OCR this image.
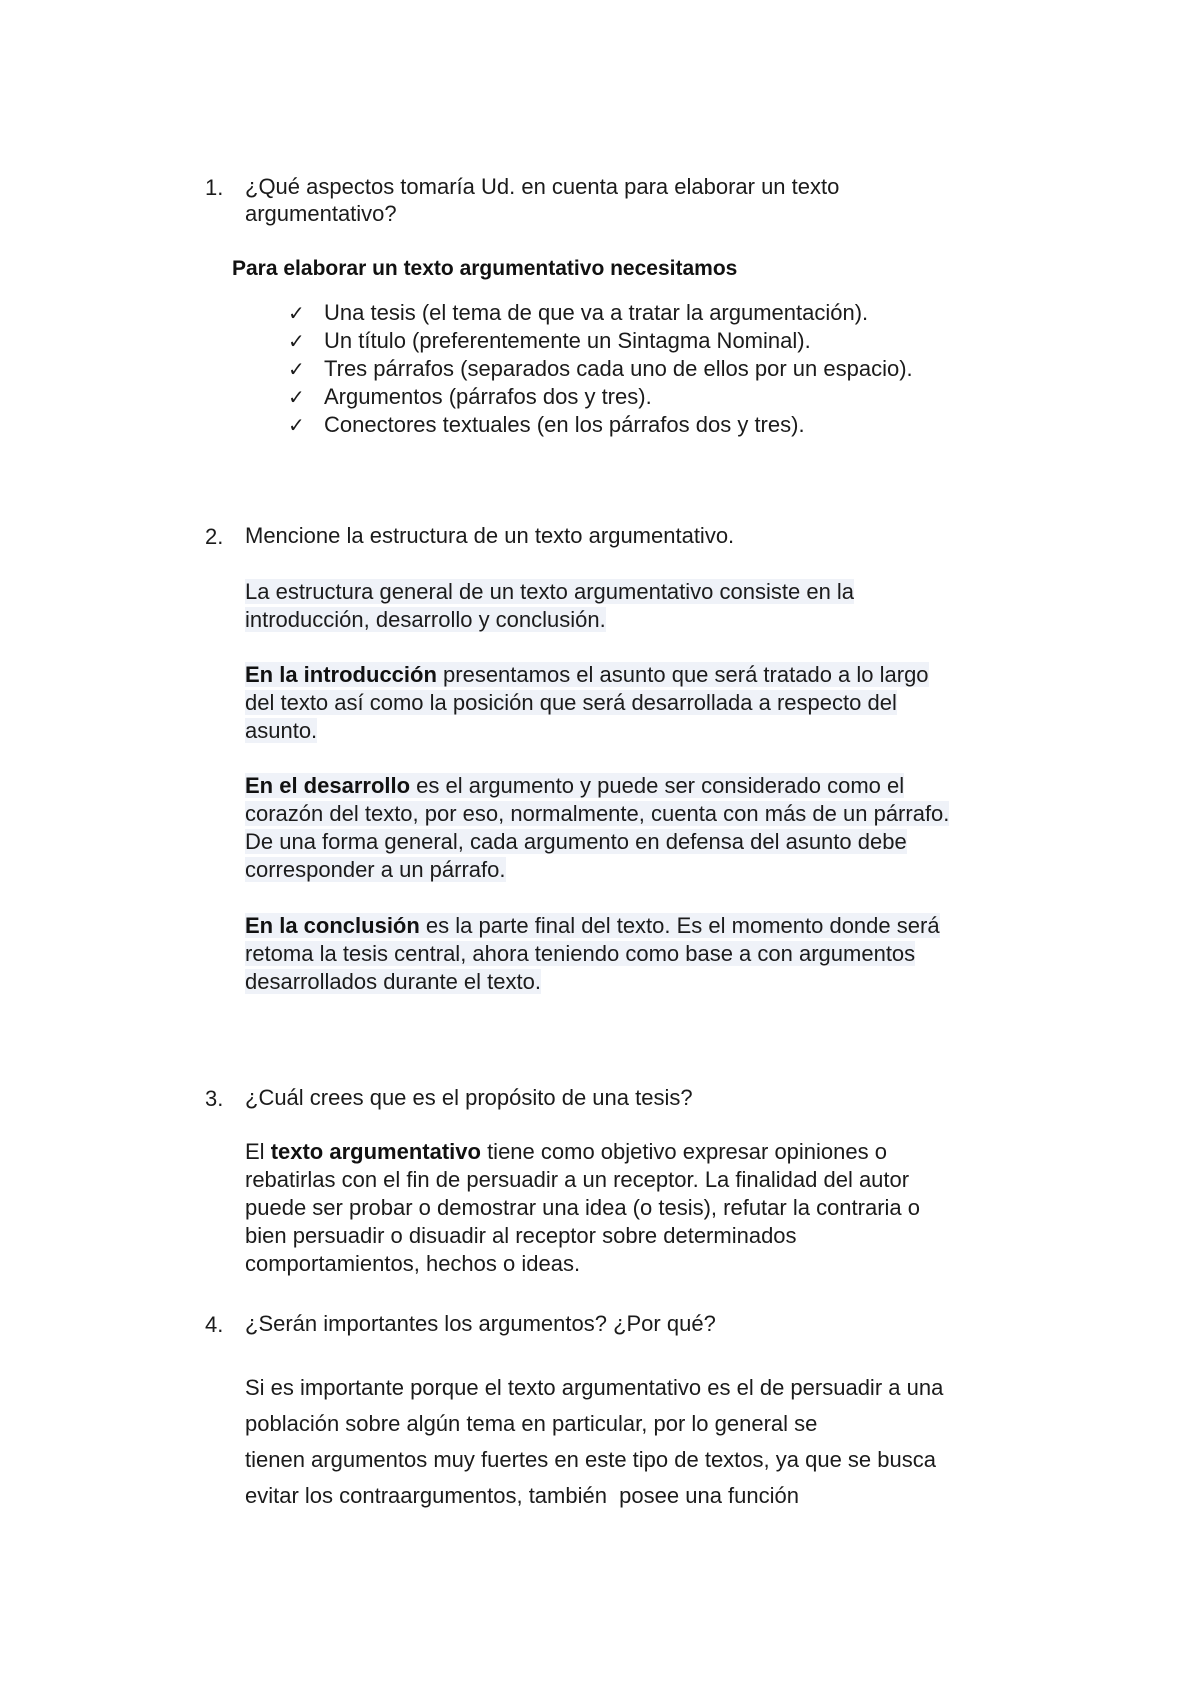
1. ¿Qué aspectos tomaría Ud. en cuenta para elaborar un texto
argumentativo?
Para elaborar un texto argumentativo necesitamos
✓ Una tesis (el tema de que va a tratar la argumentación).
✓ Un título (preferentemente un Sintagma Nominal).
✓ Tres párrafos (separados cada uno de ellos por un espacio).
✓ Argumentos (párrafos dos y tres).
✓ Conectores textuales (en los párrafos dos y tres).
2. Mencione la estructura de un texto argumentativo.
La estructura general de un texto argumentativo consiste en la
introducción, desarrollo y conclusión.
En la introducción presentamos el asunto que será tratado a lo largo
del texto así como la posición que será desarrollada a respecto del
asunto.
En el desarrollo es el argumento y puede ser considerado como el
corazón del texto, por eso, normalmente, cuenta con más de un párrafo.
De una forma general, cada argumento en defensa del asunto debe
corresponder a un párrafo.
En la conclusión es la parte final del texto. Es el momento donde será
retoma la tesis central, ahora teniendo como base a con argumentos
desarrollados durante el texto.
3. ¿Cuál crees que es el propósito de una tesis?
El texto argumentativo tiene como objetivo expresar opiniones o
rebatirlas con el fin de persuadir a un receptor. La finalidad del autor
puede ser probar o demostrar una idea (o tesis), refutar la contraria o
bien persuadir o disuadir al receptor sobre determinados
comportamientos, hechos o ideas.
4. ¿Serán importantes los argumentos? ¿Por qué?
Si es importante porque el texto argumentativo es el de persuadir a una
población sobre algún tema en particular, por lo general se
tienen argumentos muy fuertes en este tipo de textos, ya que se busca
evitar los contraargumentos, también  posee una función
